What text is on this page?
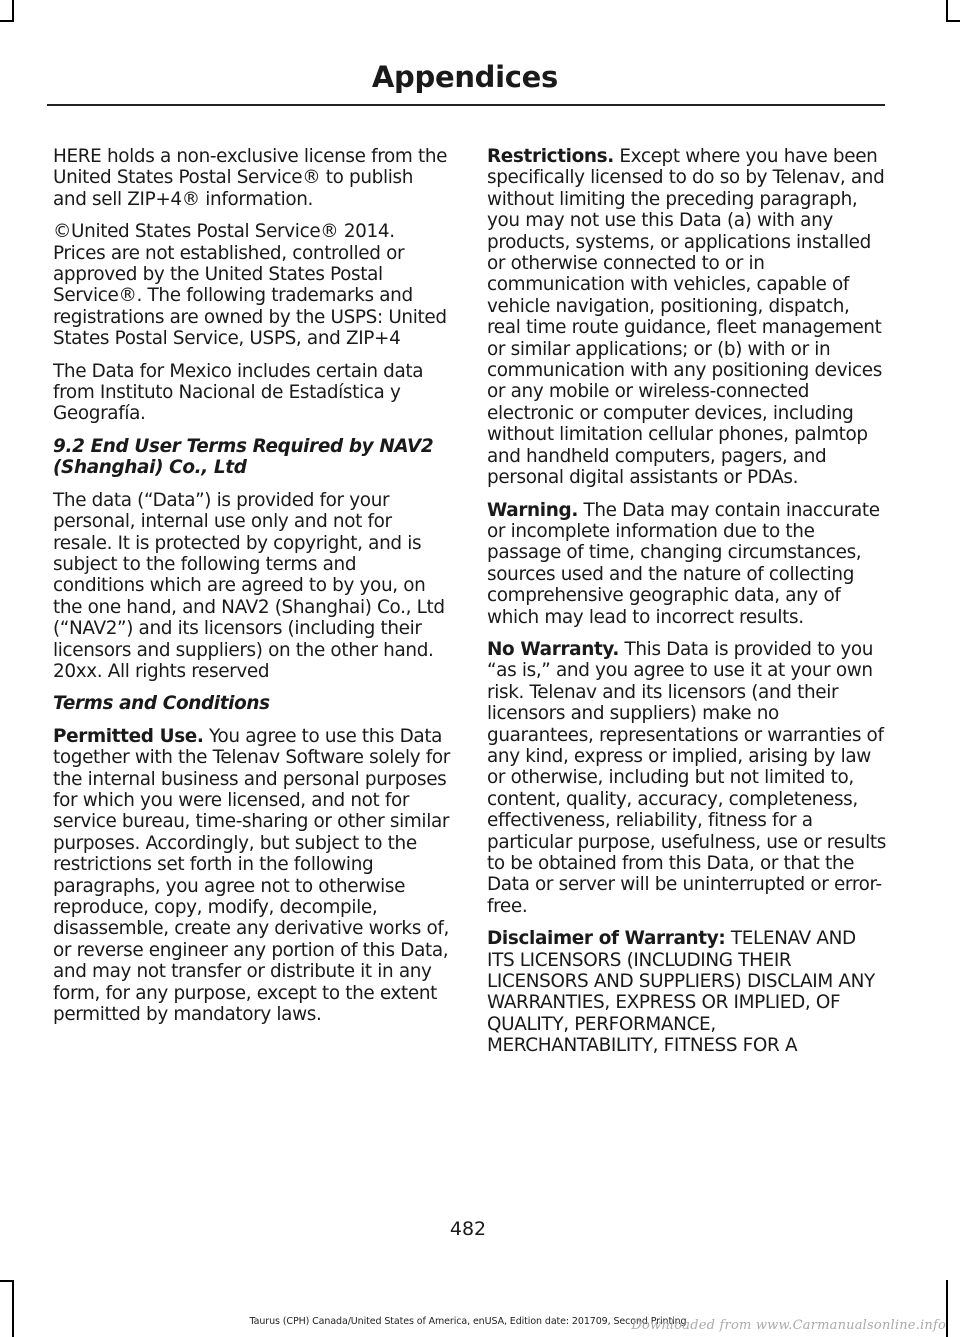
Appendices

HERE holds a non-exclusive license from the United States Postal Service® to publish and sell ZIP+4® information.

©United States Postal Service® 2014. Prices are not established, controlled or approved by the United States Postal Service®. The following trademarks and registrations are owned by the USPS: United States Postal Service, USPS, and ZIP+4

The Data for Mexico includes certain data from Instituto Nacional de Estadística y Geografía.

9.2 End User Terms Required by NAV2 (Shanghai) Co., Ltd

The data (“Data”) is provided for your personal, internal use only and not for resale. It is protected by copyright, and is subject to the following terms and conditions which are agreed to by you, on the one hand, and NAV2 (Shanghai) Co., Ltd (“NAV2”) and its licensors (including their licensors and suppliers) on the other hand. 20xx. All rights reserved

Terms and Conditions

Permitted Use. You agree to use this Data together with the Telenav Software solely for the internal business and personal purposes for which you were licensed, and not for service bureau, time-sharing or other similar purposes. Accordingly, but subject to the restrictions set forth in the following paragraphs, you agree not to otherwise reproduce, copy, modify, decompile, disassemble, create any derivative works of, or reverse engineer any portion of this Data, and may not transfer or distribute it in any form, for any purpose, except to the extent permitted by mandatory laws.

Restrictions. Except where you have been specifically licensed to do so by Telenav, and without limiting the preceding paragraph, you may not use this Data (a) with any products, systems, or applications installed or otherwise connected to or in communication with vehicles, capable of vehicle navigation, positioning, dispatch, real time route guidance, fleet management or similar applications; or (b) with or in communication with any positioning devices or any mobile or wireless-connected electronic or computer devices, including without limitation cellular phones, palmtop and handheld computers, pagers, and personal digital assistants or PDAs.

Warning. The Data may contain inaccurate or incomplete information due to the passage of time, changing circumstances, sources used and the nature of collecting comprehensive geographic data, any of which may lead to incorrect results.

No Warranty. This Data is provided to you “as is,” and you agree to use it at your own risk. Telenav and its licensors (and their licensors and suppliers) make no guarantees, representations or warranties of any kind, express or implied, arising by law or otherwise, including but not limited to, content, quality, accuracy, completeness, effectiveness, reliability, fitness for a particular purpose, usefulness, use or results to be obtained from this Data, or that the Data or server will be uninterrupted or error-free.

Disclaimer of Warranty: TELENAV AND ITS LICENSORS (INCLUDING THEIR LICENSORS AND SUPPLIERS) DISCLAIM ANY WARRANTIES, EXPRESS OR IMPLIED, OF QUALITY, PERFORMANCE, MERCHANTABILITY, FITNESS FOR A

482
Taurus (CPH) Canada/United States of America, enUSA, Edition date: 201709, Second Printing
Downloaded from www.Carmanualsonline.info
